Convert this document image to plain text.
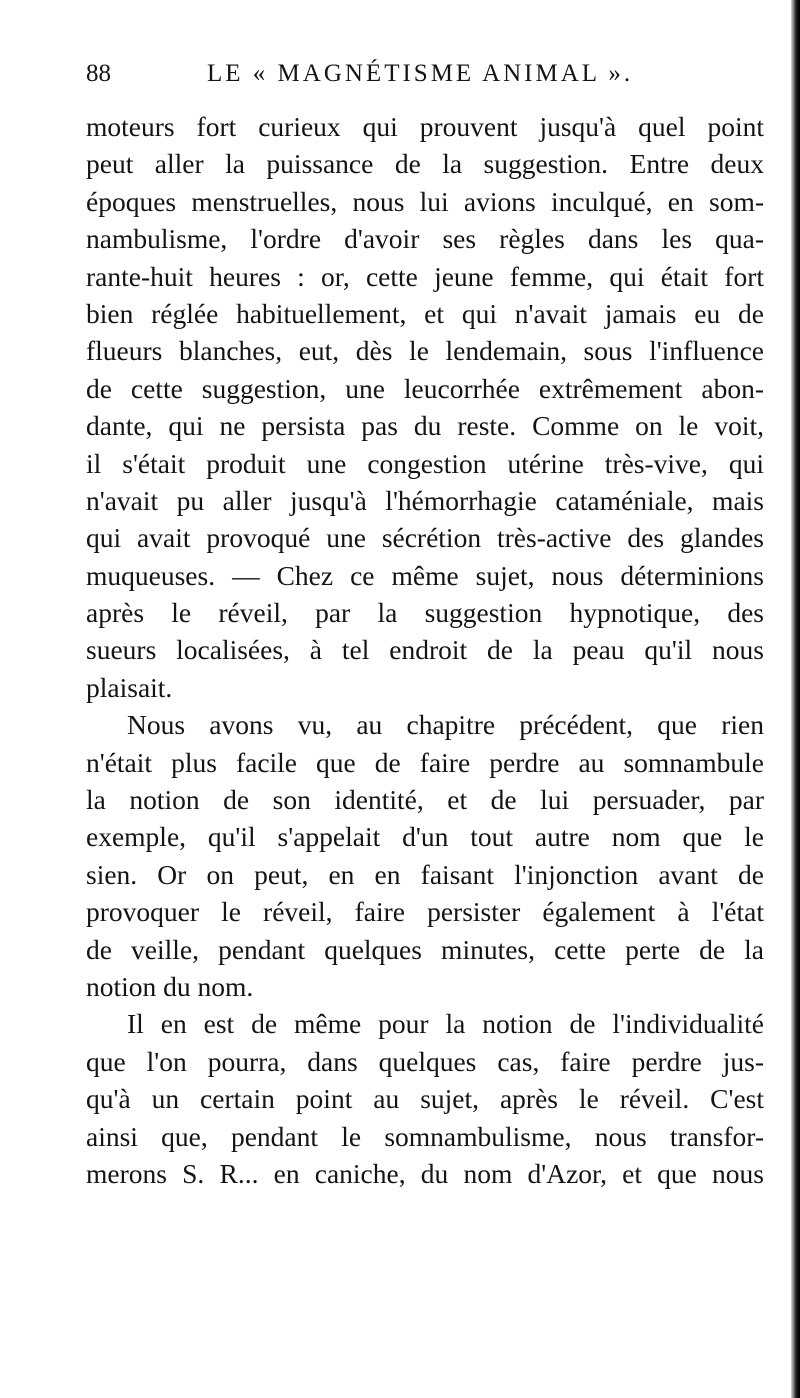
88	LE « MAGNÉTISME ANIMAL ».
moteurs fort curieux qui prouvent jusqu'à quel point
peut aller la puissance de la suggestion. Entre deux
époques menstruelles, nous lui avions inculqué, en som-
nambulisme, l'ordre d'avoir ses règles dans les qua-
rante-huit heures : or, cette jeune femme, qui était fort
bien réglée habituellement, et qui n'avait jamais eu de
flueurs blanches, eut, dès le lendemain, sous l'influence
de cette suggestion, une leucorrhée extrêmement abon-
dante, qui ne persista pas du reste. Comme on le voit,
il s'était produit une congestion utérine très-vive, qui
n'avait pu aller jusqu'à l'hémorrhagie cataméniale, mais
qui avait provoqué une sécrétion très-active des glandes
muqueuses. — Chez ce même sujet, nous déterminions
après le réveil, par la suggestion hypnotique, des
sueurs localisées, à tel endroit de la peau qu'il nous
plaisait.
Nous avons vu, au chapitre précédent, que rien
n'était plus facile que de faire perdre au somnambule
la notion de son identité, et de lui persuader, par
exemple, qu'il s'appelait d'un tout autre nom que le
sien. Or on peut, en en faisant l'injonction avant de
provoquer le réveil, faire persister également à l'état
de veille, pendant quelques minutes, cette perte de la
notion du nom.
Il en est de même pour la notion de l'individualité
que l'on pourra, dans quelques cas, faire perdre jus-
qu'à un certain point au sujet, après le réveil. C'est
ainsi que, pendant le somnambulisme, nous transfor-
merons S. R... en caniche, du nom d'Azor, et que nous
